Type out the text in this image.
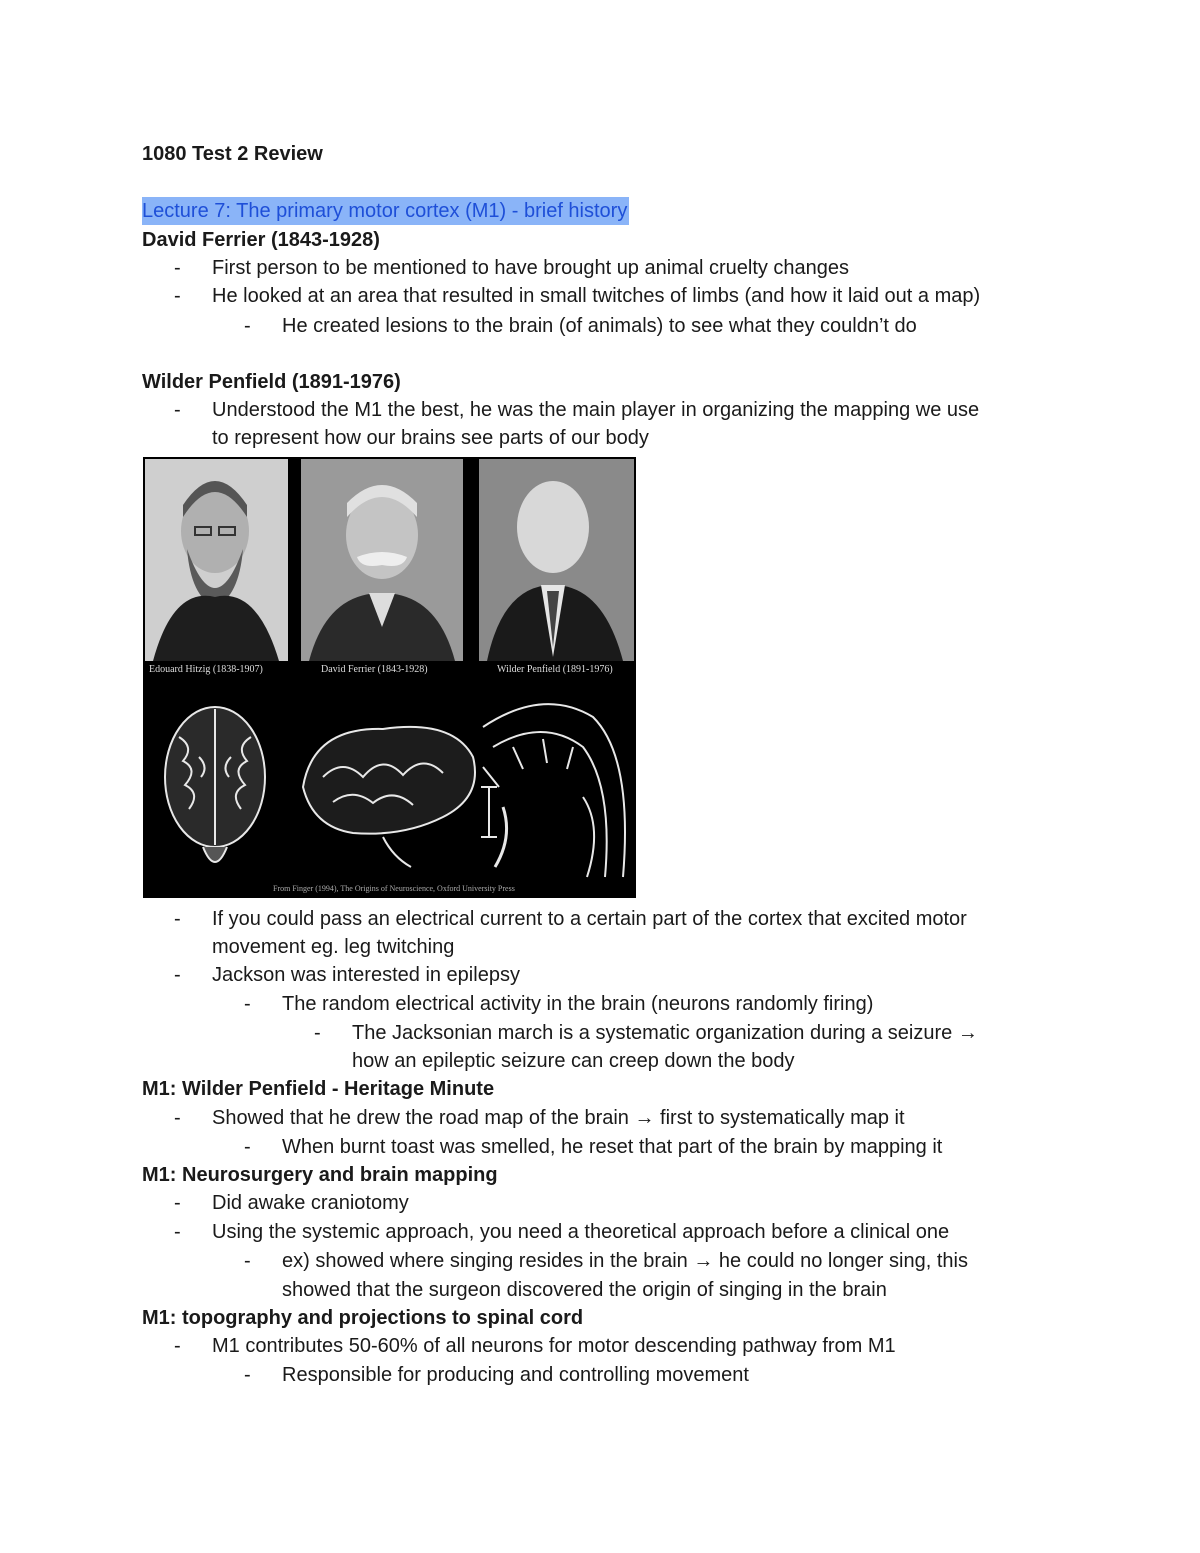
1080 Test 2 Review
Lecture 7: The primary motor cortex (M1) - brief history
David Ferrier (1843-1928)
- First person to be mentioned to have brought up animal cruelty changes
- He looked at an area that resulted in small twitches of limbs (and how it laid out a map)
- He created lesions to the brain (of animals) to see what they couldn’t do
Wilder Penfield (1891-1976)
- Understood the M1 the best, he was the main player in organizing the mapping we use
to represent how our brains see parts of our body
Edouard Hitzig (1838-1907)	David Ferrier (1843-1928)	Wilder Penfield (1891-1976)
From Finger (1994), The Origins of Neuroscience, Oxford University Press
- If you could pass an electrical current to a certain part of the cortex that excited motor
movement eg. leg twitching
- Jackson was interested in epilepsy
- The random electrical activity in the brain (neurons randomly firing)
- The Jacksonian march is a systematic organization during a seizure →
how an epileptic seizure can creep down the body
M1: Wilder Penfield - Heritage Minute
- Showed that he drew the road map of the brain → first to systematically map it
- When burnt toast was smelled, he reset that part of the brain by mapping it
M1: Neurosurgery and brain mapping
- Did awake craniotomy
- Using the systemic approach, you need a theoretical approach before a clinical one
- ex) showed where singing resides in the brain → he could no longer sing, this
showed that the surgeon discovered the origin of singing in the brain
M1: topography and projections to spinal cord
- M1 contributes 50-60% of all neurons for motor descending pathway from M1
- Responsible for producing and controlling movement
